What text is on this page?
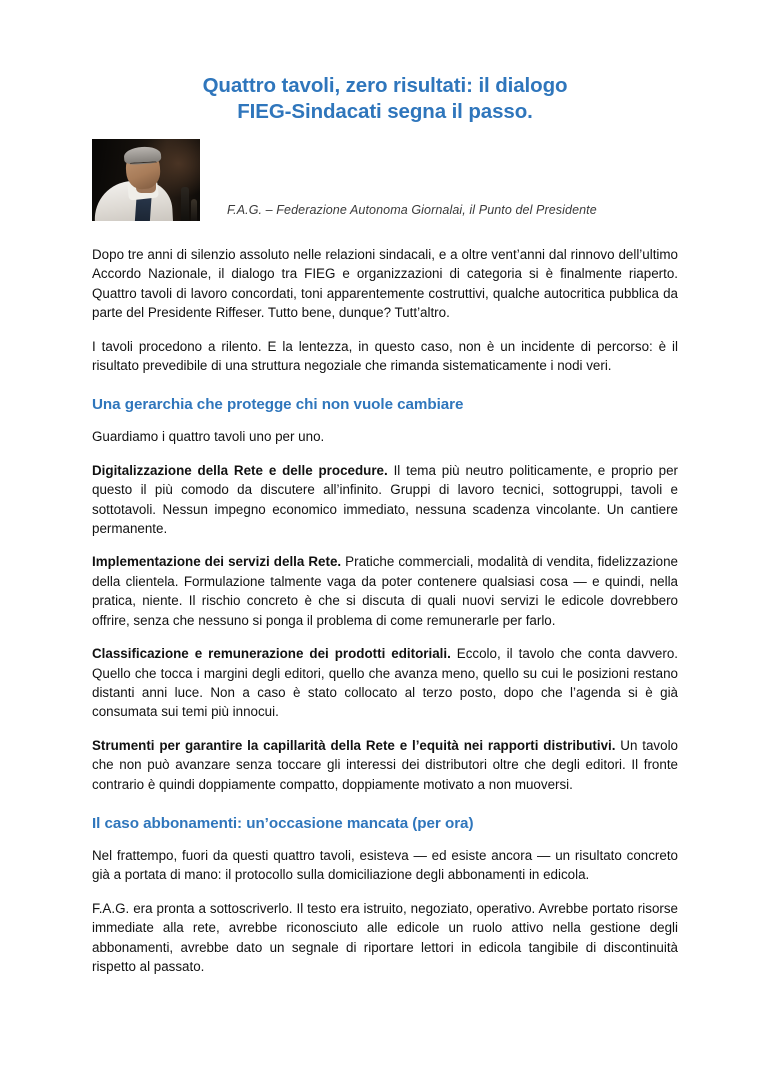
Quattro tavoli, zero risultati: il dialogo
FIEG-Sindacati segna il passo.
F.A.G. – Federazione Autonoma Giornalai, il Punto del Presidente

Dopo tre anni di silenzio assoluto nelle relazioni sindacali, e a oltre vent’anni dal rinnovo dell’ultimo Accordo Nazionale, il dialogo tra FIEG e organizzazioni di categoria si è finalmente riaperto. Quattro tavoli di lavoro concordati, toni apparentemente costruttivi, qualche autocritica pubblica da parte del Presidente Riffeser. Tutto bene, dunque? Tutt’altro.

I tavoli procedono a rilento. E la lentezza, in questo caso, non è un incidente di percorso: è il risultato prevedibile di una struttura negoziale che rimanda sistematicamente i nodi veri.

Una gerarchia che protegge chi non vuole cambiare

Guardiamo i quattro tavoli uno per uno.

Digitalizzazione della Rete e delle procedure. Il tema più neutro politicamente, e proprio per questo il più comodo da discutere all’infinito. Gruppi di lavoro tecnici, sottogruppi, tavoli e sottotavoli. Nessun impegno economico immediato, nessuna scadenza vincolante. Un cantiere permanente.

Implementazione dei servizi della Rete. Pratiche commerciali, modalità di vendita, fidelizzazione della clientela. Formulazione talmente vaga da poter contenere qualsiasi cosa — e quindi, nella pratica, niente. Il rischio concreto è che si discuta di quali nuovi servizi le edicole dovrebbero offrire, senza che nessuno si ponga il problema di come remunerarle per farlo.

Classificazione e remunerazione dei prodotti editoriali. Eccolo, il tavolo che conta davvero. Quello che tocca i margini degli editori, quello che avanza meno, quello su cui le posizioni restano distanti anni luce. Non a caso è stato collocato al terzo posto, dopo che l’agenda si è già consumata sui temi più innocui.

Strumenti per garantire la capillarità della Rete e l’equità nei rapporti distributivi. Un tavolo che non può avanzare senza toccare gli interessi dei distributori oltre che degli editori. Il fronte contrario è quindi doppiamente compatto, doppiamente motivato a non muoversi.

Il caso abbonamenti: un’occasione mancata (per ora)

Nel frattempo, fuori da questi quattro tavoli, esisteva — ed esiste ancora — un risultato concreto già a portata di mano: il protocollo sulla domiciliazione degli abbonamenti in edicola.

F.A.G. era pronta a sottoscriverlo. Il testo era istruito, negoziato, operativo. Avrebbe portato risorse immediate alla rete, avrebbe riconosciuto alle edicole un ruolo attivo nella gestione degli abbonamenti, avrebbe dato un segnale di riportare lettori in edicola tangibile di discontinuità rispetto al passato.
